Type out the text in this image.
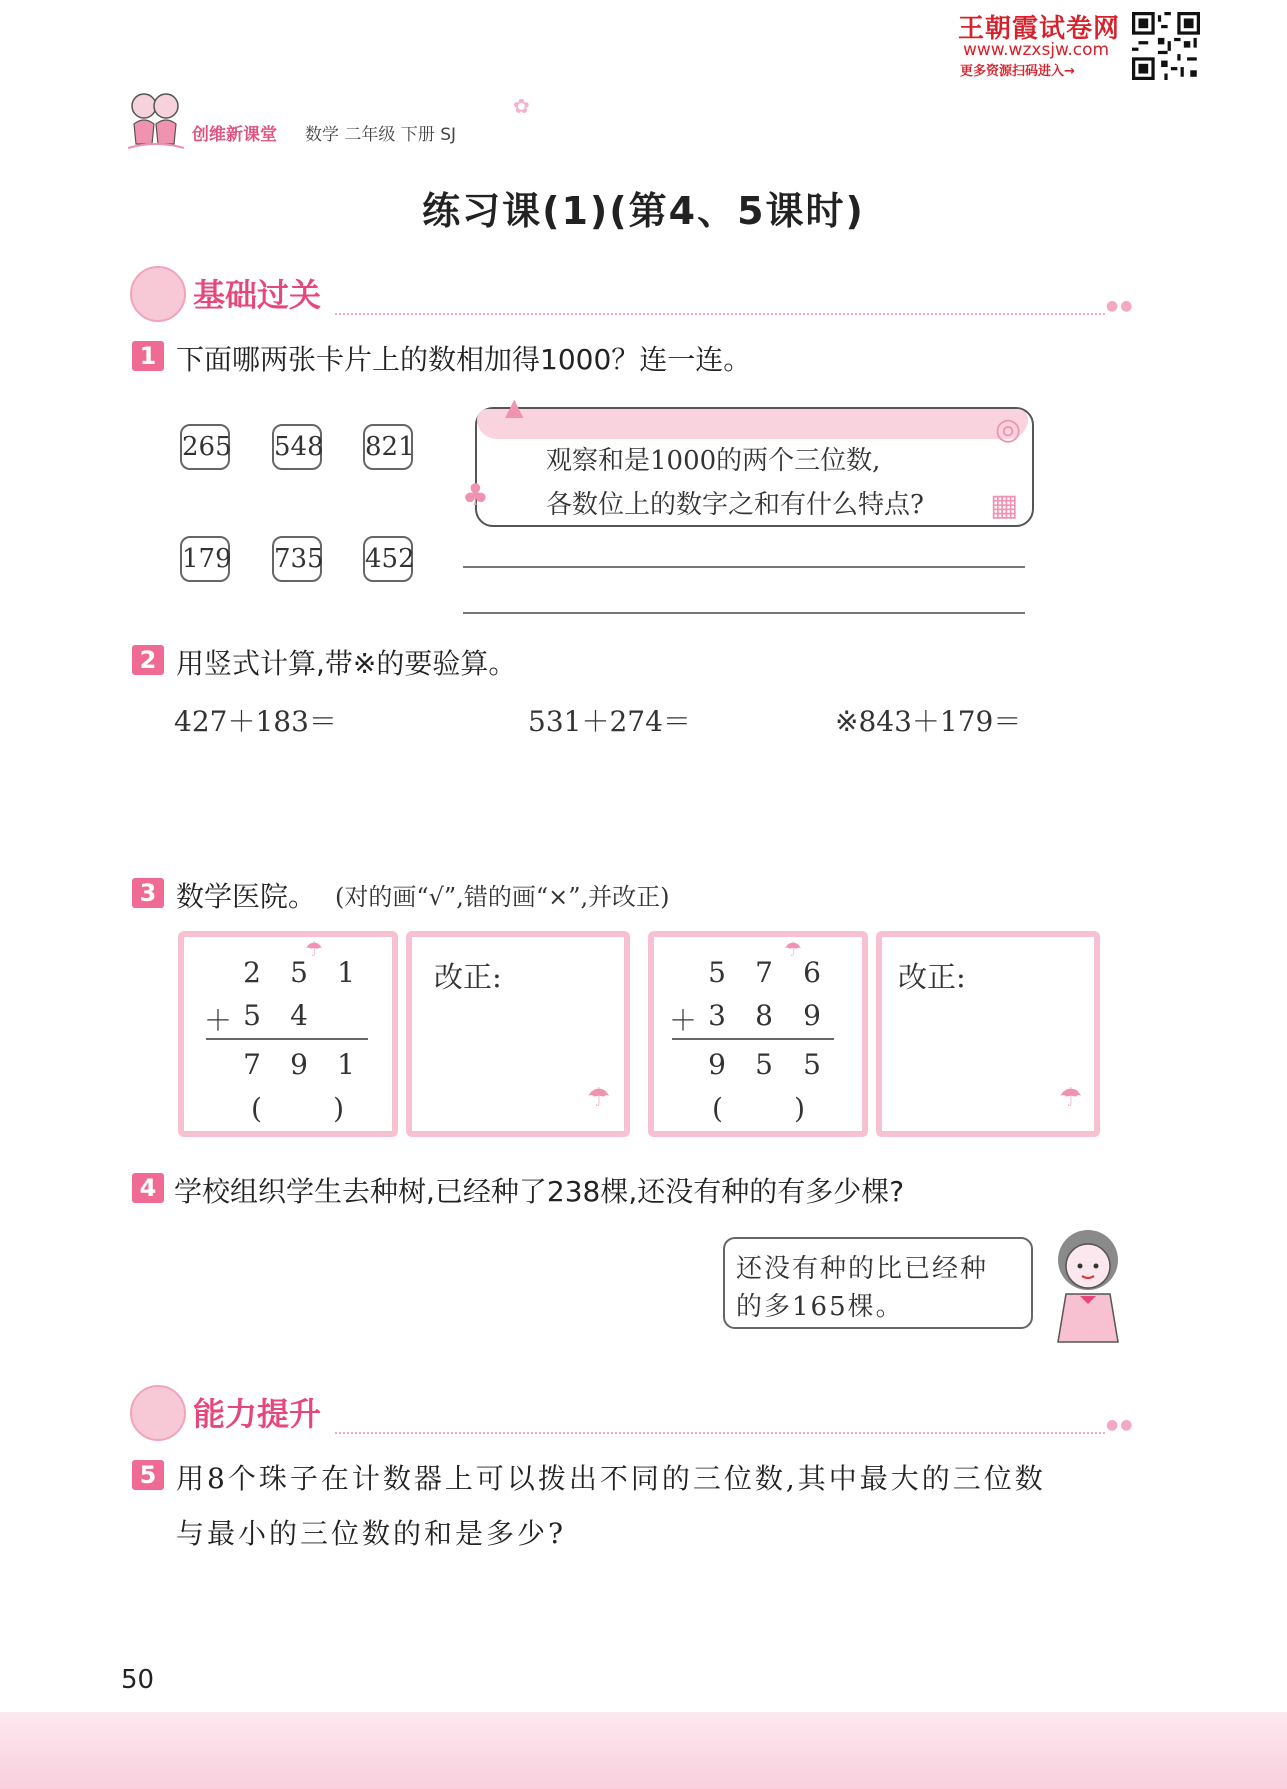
王朝霞试卷网
www.wzxsjw.com
更多资源扫码进入→
创维新课堂 数学 二年级 下册 SJ
✿
练习课(1)(第4、5课时)
基础过关	●●
1 下面哪两张卡片上的数相加得1000？连一连。
265 548 821
179 735 452
▲
◎
♣	▦
观察和是1000的两个三位数,
各数位上的数字之和有什么特点?
2 用竖式计算,带※的要验算。
427＋183＝	531＋274＝	※843＋179＝
3 数学医院。 (对的画“√”,错的画“×”,并改正)
☂
2	5	1
＋ 5	4
7	9	1
(        )
改正:
☂
☂
5	7	6
＋ 3	8	9
9	5	5
(        )
改正:
☂
4 学校组织学生去种树,已经种了238棵,还没有种的有多少棵?
还没有种的比已经种
的多165棵。
能力提升	●●
5 用8个珠子在计数器上可以拨出不同的三位数,其中最大的三位数
与最小的三位数的和是多少?
50
